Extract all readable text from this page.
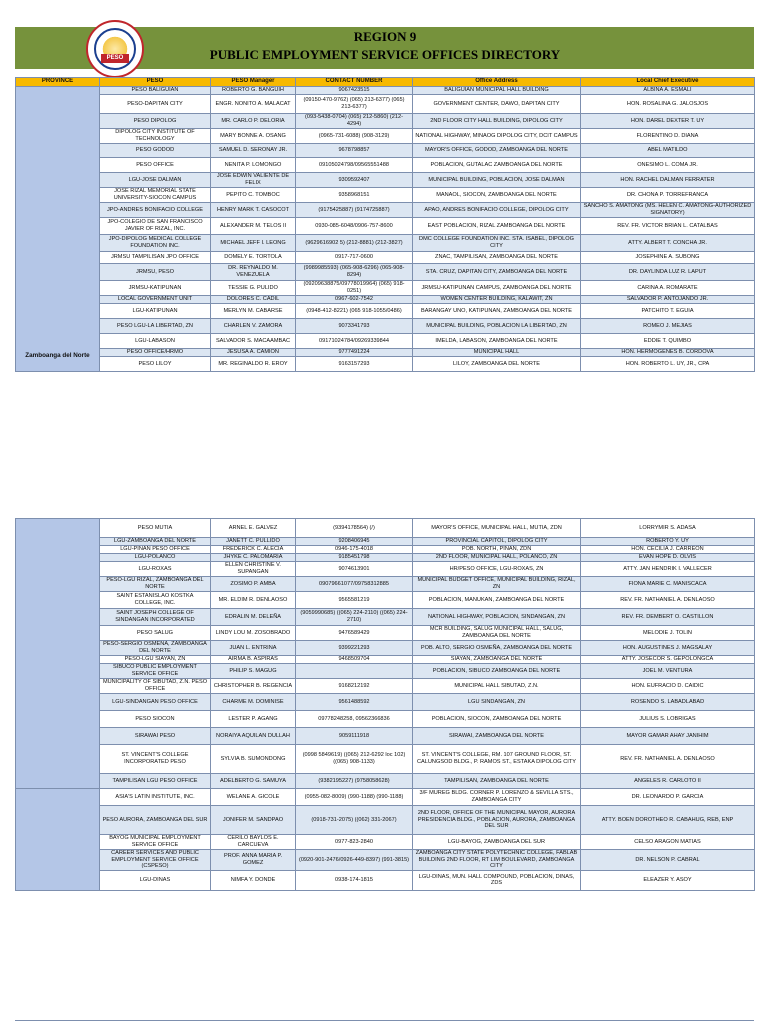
PESO
REGION 9
PUBLIC EMPLOYMENT SERVICE OFFICES DIRECTORY
PROVINCE	PESO	PESO Manager	CONTACT NUMBER	Office Address	Local Chief Executive
Zamboanga del Norte	PESO BALIGUIAN	ROBERTO G. BANGUIH	9067423515	BALIGUIAN MUNICIPAL HALL BUILDING	ALBINA A. ESMALI
	PESO-DAPITAN CITY	ENGR. NONITO A. MALACAT	(09150-470-9762) (065) 213-6377) (065) 213-6377)	GOVERNMENT CENTER, DAWO, DAPITAN CITY	HON. ROSALINA G. JALOSJOS
	PESO DIPOLOG	MR. CARLO P. DELORIA	(093-5438-0704) (065) 212-5860) (212-4294)	2ND FLOOR CITY HALL BUILDING, DIPOLOG CITY	HON. DAREL DEXTER T. UY
	DIPOLOG CITY INSTITUTE OF TECHNOLOGY	MARY BONNE A. OSANG	(0965-731-6088) (908-3129)	NATIONAL HIGHWAY, MINAOG DIPOLOG CITY, DCIT CAMPUS	FLORENTINO D. DIANA
	PESO GODOD	SAMUEL D. SERONAY JR.	9678798857	MAYOR'S OFFICE, GODOD, ZAMBOANGA DEL NORTE	ABEL MATILDO
	PESO OFFICE	NENITA P. LOMONGO	09105024798/09565551488	POBLACION, GUTALAC ZAMBOANGA DEL NORTE	ONESIMO L. COMA JR.
	LGU-JOSE DALMAN	JOSE EDWIN VALIENTE DE FELIX	9309592407	MUNICIPAL BUILDING, POBLACION, JOSE DALMAN	HON. RACHEL DALMAN FERRATER
	JOSE RIZAL MEMORIAL STATE UNIVERSITY-SIOCON CAMPUS	PEPITO C. TOMBOC	9358968151	MANAOL, SIOCON, ZAMBOANGA DEL NORTE	DR. CHONA P. TORREFRANCA
	JPO-ANDRES BONIFACIO COLLEGE	HENRY MARK T. CASOCOT	(9175425887) (9174725887)	APAO, ANDRES BONIFACIO COLLEGE, DIPOLOG CITY	SANCHO S. AMATONG (MS. HELEN C. AMATONG-AUTHORIZED SIGNATORY)
	JPO-COLEGIO DE SAN FRANCISCO JAVIER OF RIZAL, INC.	ALEXANDER M. TELOS II	0930-085-6048/0906-757-8600	EAST POBLACION, RIZAL ZAMBOANGA DEL NORTE	REV. FR. VICTOR BRIAN L. CATALBAS
	JPO-DIPOLOG MEDICAL COLLEGE FOUNDATION INC.	MICHAEL JEFF I. LEONG	(9629616902 5) (212-8881) (212-3827)	DMC COLLEGE FOUNDATION INC. STA. ISABEL, DIPOLOG CITY	ATTY. ALBERT T. CONCHA JR.
	JRMSU TAMPILISAN JPO OFFICE	DOMELY E. TORTOLA	0917-717-0600	ZNAC, TAMPILISAN, ZAMBOANGA DEL NORTE	JOSEPHINE A. SUBONG
	JRMSU, PESO	DR. REYNALDO M. VENEZUELA	(9989985593) (065-908-6296) (065-908-8294)	STA. CRUZ, DAPITAN CITY, ZAMBOANGA DEL NORTE	DR. DAYLINDA LUZ R. LAPUT
	JRMSU-KATIPUNAN	TESSIE G. PULIDO	(09209638875/09778019964) (065) 918-0251)	JRMSU-KATIPUNAN CAMPUS, ZAMBOANGA DEL NORTE	CARINA A. ROMARATE
	LOCAL GOVERNMENT UNIT	DOLORES C. CADIL	0967-602-7542	WOMEN CENTER BUILDING, KALAWIT, ZN	SALVADOR P. ANTOJANDO JR.
	LGU-KATIPUNAN	MERLYN M. CABARSE	(0948-412-8221) (065 918-1055/0486)	BARANGAY UNO, KATIPUNAN, ZAMBOANGA DEL NORTE	PATCHITO T. EGUIA
	PESO LGU-LA LIBERTAD, ZN	CHARLEN V. ZAMORA	9073341793	MUNICIPAL BUILDING, POBLACION LA LIBERTAD, ZN	ROMEO J. MEJIAS
	LGU-LABASON	SALVADOR S. MACAAMBAC	09171024784/09269339844	IMELDA, LABASON, ZAMBOANGA DEL NORTE	EDDIE T. QUIMBO
	PESO OFFICE/HRMO	JESUSA A. CAMION	9777491224	MUNICIPAL HALL	HON. HERMOGENES B. CORDOVA
	PESO LILOY	MR. REGINALDO R. EROY	9163157293	LILOY, ZAMBOANGA DEL NORTE	HON. ROBERTO L. UY, JR., CPA
	PESO MUTIA	ARNEL E. GALVEZ	(9394178564) (/)	MAYOR'S OFFICE, MUNICIPAL HALL, MUTIA, ZDN	LORRYMIR S. ADASA
	LGU-ZAMBOANGA DEL NORTE	JANETT C. PULLIDO	9208406945	PROVINCIAL CAPITOL, DIPOLOG CITY	ROBERTO Y. UY
	LGU-PIÑAN PESO OFFICE	FREDERICK C. ALECIA	0946-175-4018	POB. NORTH, PIÑAN, ZDN	HON. CECILIA J. CARREON
	LGU-POLANCO	JHYKE C. PALOMARIA	9185451798	2ND FLOOR, MUNICIPAL HALL, POLANCO, ZN	EVAN HOPE D. OLVIS
	LGU-ROXAS	ELLEN CHRISTINE V. SUPANGAN	9074613901	HR/PESO OFFICE, LGU-ROXAS, ZN	ATTY. JAN HENDRIK I. VALLECER
	PESO-LGU RIZAL, ZAMBOANGA DEL NORTE	ZOSIMO P. AMBA	09079661077/09758312885	MUNICIPAL BUDGET OFFICE, MUNICIPAL BUILDING, RIZAL, ZN	FIONA MARIE C. MANISCACA
	SAINT ESTANISLAO KOSTKA COLLEGE, INC.	MR. ELDIM R. DENLAOSO	9565581219	POBLACION, MANUKAN, ZAMBOANGA DEL NORTE	REV. FR. NATHANIEL A. DENLAOSO
	SAINT JOSEPH COLLEGE OF SINDANGAN INCORPORATED	EDRALIN M. DELEÑA	(9059990685) ((065) 224-2110) ((065) 224-2710)	NATIONAL HIGHWAY, POBLACION, SINDANGAN, ZN	REV. FR. DEMBERT O. CASTILLON
	PESO SALUG	LINDY LOU M. ZOSOBRADO	9476589429	MCR BUILDING, SALUG MUNICIPAL HALL, SALUG, ZAMBOANGA DEL NORTE	MELODIE J. TOLIN
	PESO-SERGIO OSMEÑA, ZAMBOANGA DEL NORTE	JUAN L. ENTRINA	9399221293	POB. ALTO, SERGIO OSMEÑA, ZAMBOANGA DEL NORTE	HON. AUGUSTINES J. MAGSALAY
	PESO-LGU SIAYAN, ZN	AIRMA B. ASPIRAS	9468509704	SIAYAN, ZAMBOANGA DEL NORTE	ATTY. JOSECOR S. GEPOLONGCA
	SIBUCO PUBLIC EMPLOYMENT SERVICE OFFICE	PHILIP S. MAGUG		POBLACION, SIBUCO ZAMBOANGA DEL NORTE	JOEL M. VENTURA
	MUNICIPALITY OF SIBUTAD, Z.N. PESO OFFICE	CHRISTOPHER B. REGENCIA	9168212192	MUNICIPAL HALL SIBUTAD, Z.N.	HON. EUFRACIO D. CAIDIC
	LGU-SINDANGAN PESO OFFICE	CHARME M. DOMINISE	9561488592	LGU SINDANGAN, ZN	ROSENDO S. LABADLABAD
	PESO SIOCON	LESTER P. AGANG	09778248258, 09562366836	POBLACION, SIOCON, ZAMBOANGA DEL NORTE	JULIUS S. LOBRIGAS
	SIRAWAI PESO	NORAIYA AQUILAN DULLAH	9059111918	SIRAWAI, ZAMBOANGA DEL NORTE	MAYOR GAMAR AHAY JANIHIM
	ST. VINCENT'S COLLEGE INCORPORATED PESO	SYLVIA B. SUMONDONG	(0998 5849619) ((065) 212-6292 loc 102) ((065) 908-1133)	ST. VINCENT'S COLLEGE, RM. 107 GROUND FLOOR, ST. CALUNGSOD BLDG., P. RAMOS ST., ESTAKA DIPOLOG CITY	REV. FR. NATHANIEL A. DENLAOSO
	TAMPILISAN LGU PESO OFFICE	ADELBERTO G. SAMUYA	(9382195227) (9758058628)	TAMPILISAN, ZAMBOANGA DEL NORTE	ANGELES R. CARLOTO II
	ASIA'S LATIN INSTITUTE, INC.	WELANE A. GICOLE	(0955-082-8009) (990-1188) (990-1188)	3/F MUREG BLDG. CORNER P. LORENZO & SEVILLA STS., ZAMBOANGA CITY	DR. LEONARDO P. GARCIA
	PESO AURORA, ZAMBOANGA DEL SUR	JONIFER M. SANDPAO	(0918-731-2075) ((062) 331-2067)	2ND FLOOR, OFFICE OF THE MUNICIPAL MAYOR, AURORA PRESIDENCIA BLDG., POBLACION, AURORA, ZAMBOANGA DEL SUR	ATTY. BOEN DOROTHEO R. CABAHUG, REB, ENP
	BAYOG MUNICIPAL EMPLOYMENT SERVICE OFFICE	CERILO BAYLOS E. CARCUEVA	0977-823-2840	LGU-BAYOG, ZAMBOANGA DEL SUR	CELSO ARAGON MATIAS
	CAREER SERVICES AND PUBLIC EMPLOYMENT SERVICE OFFICE (CSPESO)	PROF. ANNA MARIA P. GOMEZ	(0920-901-2476/0926-449-8397) (991-3815)	ZAMBOANGA CITY STATE POLYTECHNIC COLLEGE, FABLAB BUILDING 2ND FLOOR, RT LIM BOULEVARD, ZAMBOANGA CITY	DR. NELSON P. CABRAL
	LGU-DINAS	NIMFA Y. DONDE	0938-174-1815	LGU-DINAS, MUN. HALL COMPOUND, POBLACION, DINAS, ZDS	ELEAZER Y. ASOY
